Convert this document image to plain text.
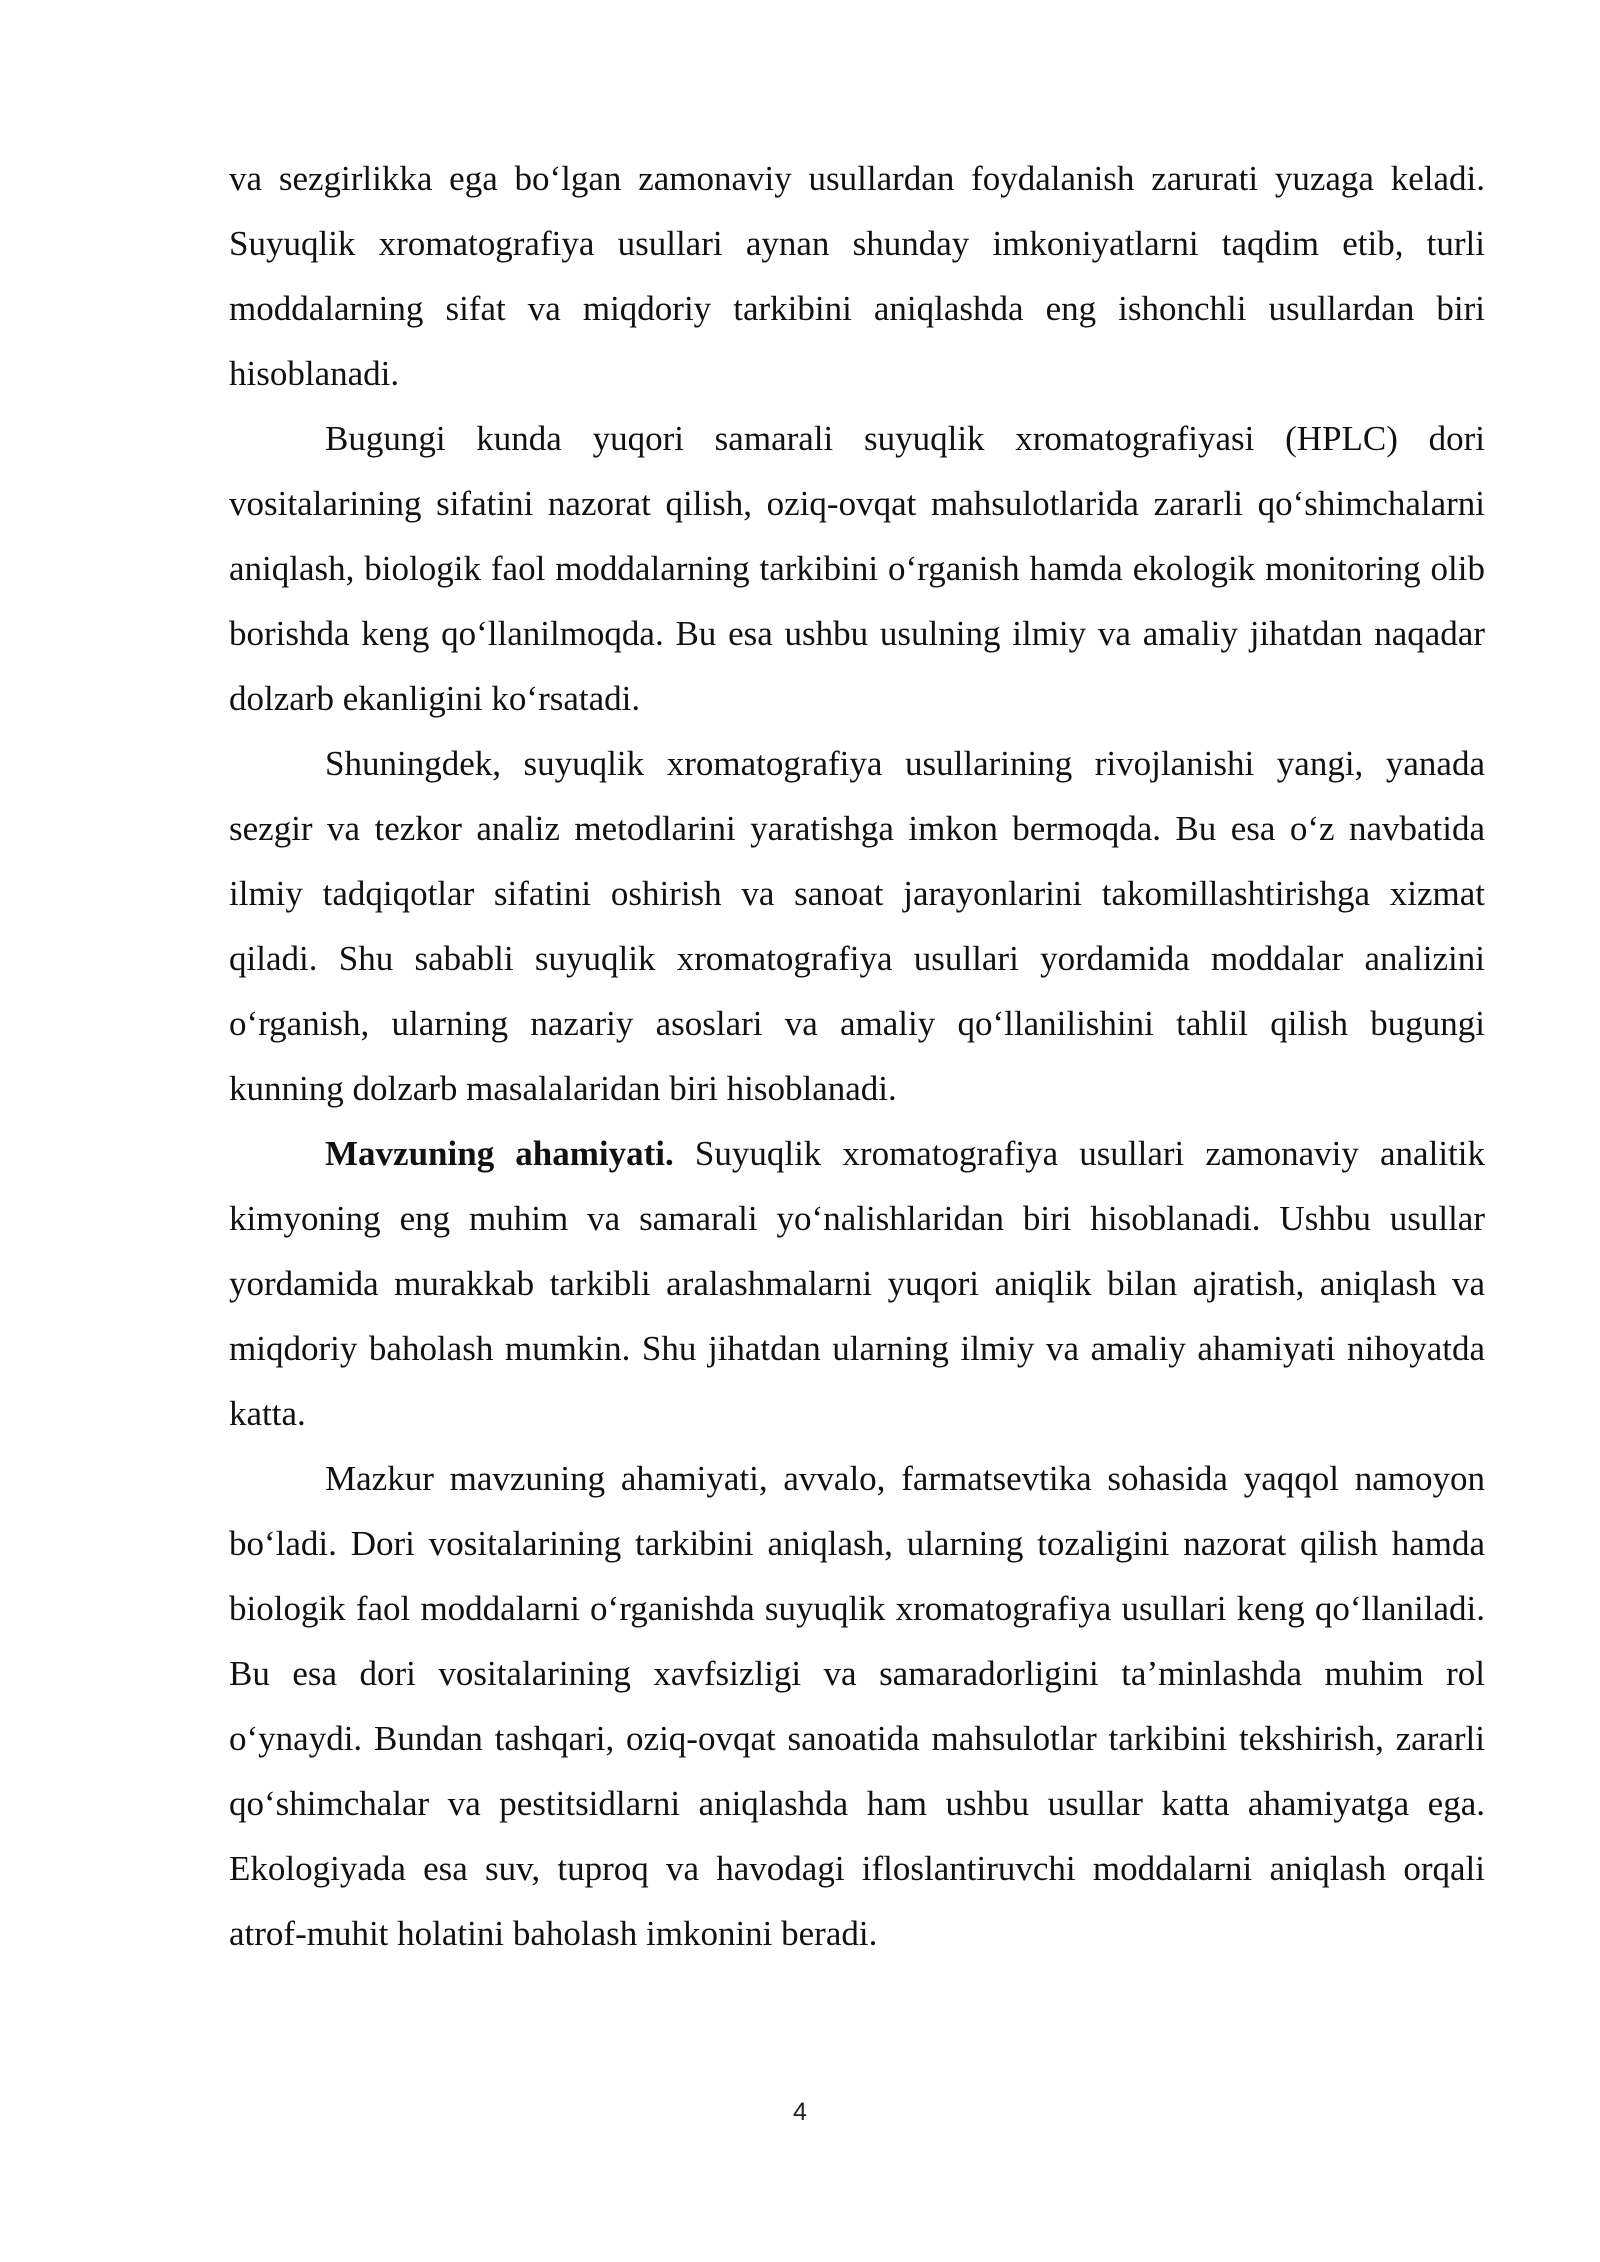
va sezgirlikka ega bo‘lgan zamonaviy usullardan foydalanish zarurati yuzaga keladi. Suyuqlik xromatografiya usullari aynan shunday imkoniyatlarni taqdim etib, turli moddalarning sifat va miqdoriy tarkibini aniqlashda eng ishonchli usullardan biri hisoblanadi.

Bugungi kunda yuqori samarali suyuqlik xromatografiyasi (HPLC) dori vositalarining sifatini nazorat qilish, oziq-ovqat mahsulotlarida zararli qo‘shimchalarni aniqlash, biologik faol moddalarning tarkibini o‘rganish hamda ekologik monitoring olib borishda keng qo‘llanilmoqda. Bu esa ushbu usulning ilmiy va amaliy jihatdan naqadar dolzarb ekanligini ko‘rsatadi.

Shuningdek, suyuqlik xromatografiya usullarining rivojlanishi yangi, yanada sezgir va tezkor analiz metodlarini yaratishga imkon bermoqda. Bu esa o‘z navbatida ilmiy tadqiqotlar sifatini oshirish va sanoat jarayonlarini takomillashtirishga xizmat qiladi. Shu sababli suyuqlik xromatografiya usullari yordamida moddalar analizini o‘rganish, ularning nazariy asoslari va amaliy qo‘llanilishini tahlil qilish bugungi kunning dolzarb masalalaridan biri hisoblanadi.

Mavzuning ahamiyati. Suyuqlik xromatografiya usullari zamonaviy analitik kimyoning eng muhim va samarali yo‘nalishlaridan biri hisoblanadi. Ushbu usullar yordamida murakkab tarkibli aralashmalarni yuqori aniqlik bilan ajratish, aniqlash va miqdoriy baholash mumkin. Shu jihatdan ularning ilmiy va amaliy ahamiyati nihoyatda katta.

Mazkur mavzuning ahamiyati, avvalo, farmatsevtika sohasida yaqqol namoyon bo‘ladi. Dori vositalarining tarkibini aniqlash, ularning tozaligini nazorat qilish hamda biologik faol moddalarni o‘rganishda suyuqlik xromatografiya usullari keng qo‘llaniladi. Bu esa dori vositalarining xavfsizligi va samaradorligini ta’minlashda muhim rol o‘ynaydi. Bundan tashqari, oziq-ovqat sanoatida mahsulotlar tarkibini tekshirish, zararli qo‘shimchalar va pestitsidlarni aniqlashda ham ushbu usullar katta ahamiyatga ega. Ekologiyada esa suv, tuproq va havodagi ifloslantiruvchi moddalarni aniqlash orqali atrof-muhit holatini baholash imkonini beradi.

4
